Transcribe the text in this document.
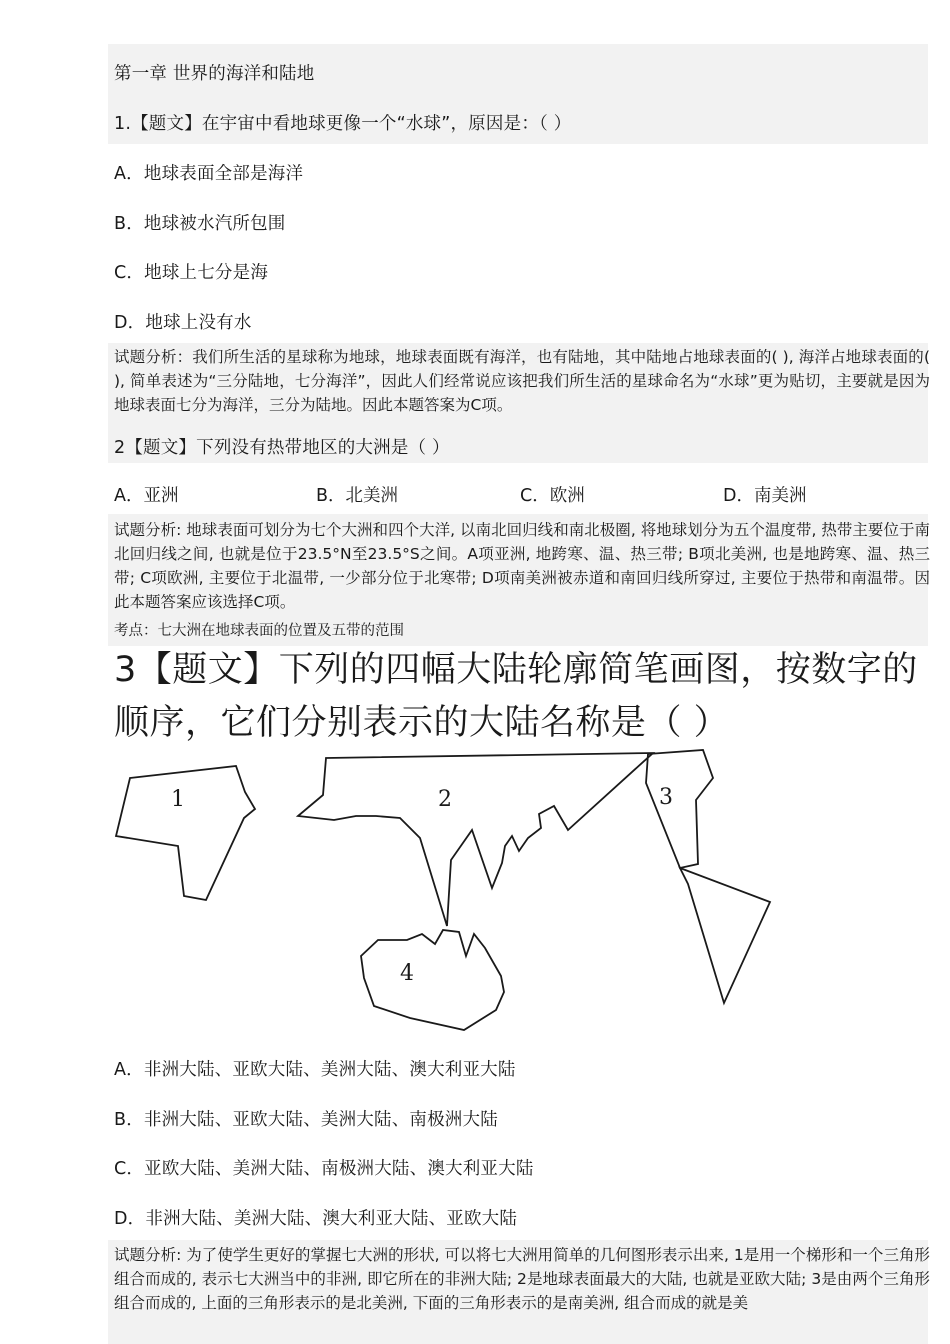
第一章 世界的海洋和陆地
1.【题文】在宇宙中看地球更像一个“水球”，原因是：（ ）
A．地球表面全部是海洋
B．地球被水汽所包围
C．地球上七分是海
D．地球上没有水
试题分析：我们所生活的星球称为地球，地球表面既有海洋，也有陆地，其中陆地占地球表面的( ), 海洋占地球表面的( ), 简单表述为“三分陆地，七分海洋”，因此人们经常说应该把我们所生活的星球命名为“水球”更为贴切，主要就是因为地球表面七分为海洋，三分为陆地。因此本题答案为C项。
2【题文】下列没有热带地区的大洲是（ ）
A．亚洲	B．北美洲	C．欧洲	D．南美洲
试题分析: 地球表面可划分为七个大洲和四个大洋, 以南北回归线和南北极圈, 将地球划分为五个温度带, 热带主要位于南北回归线之间, 也就是位于23.5°N至23.5°S之间。A项亚洲, 地跨寒、温、热三带; B项北美洲, 也是地跨寒、温、热三带; C项欧洲, 主要位于北温带, 一少部分位于北寒带; D项南美洲被赤道和南回归线所穿过, 主要位于热带和南温带。因此本题答案应该选择C项。
考点：七大洲在地球表面的位置及五带的范围
3【题文】下列的四幅大陆轮廓简笔画图，按数字的顺序，它们分别表示的大陆名称是（ ）
1	2	3
4
A．非洲大陆、亚欧大陆、美洲大陆、澳大利亚大陆
B．非洲大陆、亚欧大陆、美洲大陆、南极洲大陆
C．亚欧大陆、美洲大陆、南极洲大陆、澳大利亚大陆
D．非洲大陆、美洲大陆、澳大利亚大陆、亚欧大陆
试题分析: 为了使学生更好的掌握七大洲的形状, 可以将七大洲用简单的几何图形表示出来, 1是用一个梯形和一个三角形组合而成的, 表示七大洲当中的非洲, 即它所在的非洲大陆; 2是地球表面最大的大陆, 也就是亚欧大陆; 3是由两个三角形组合而成的, 上面的三角形表示的是北美洲, 下面的三角形表示的是南美洲, 组合而成的就是美
